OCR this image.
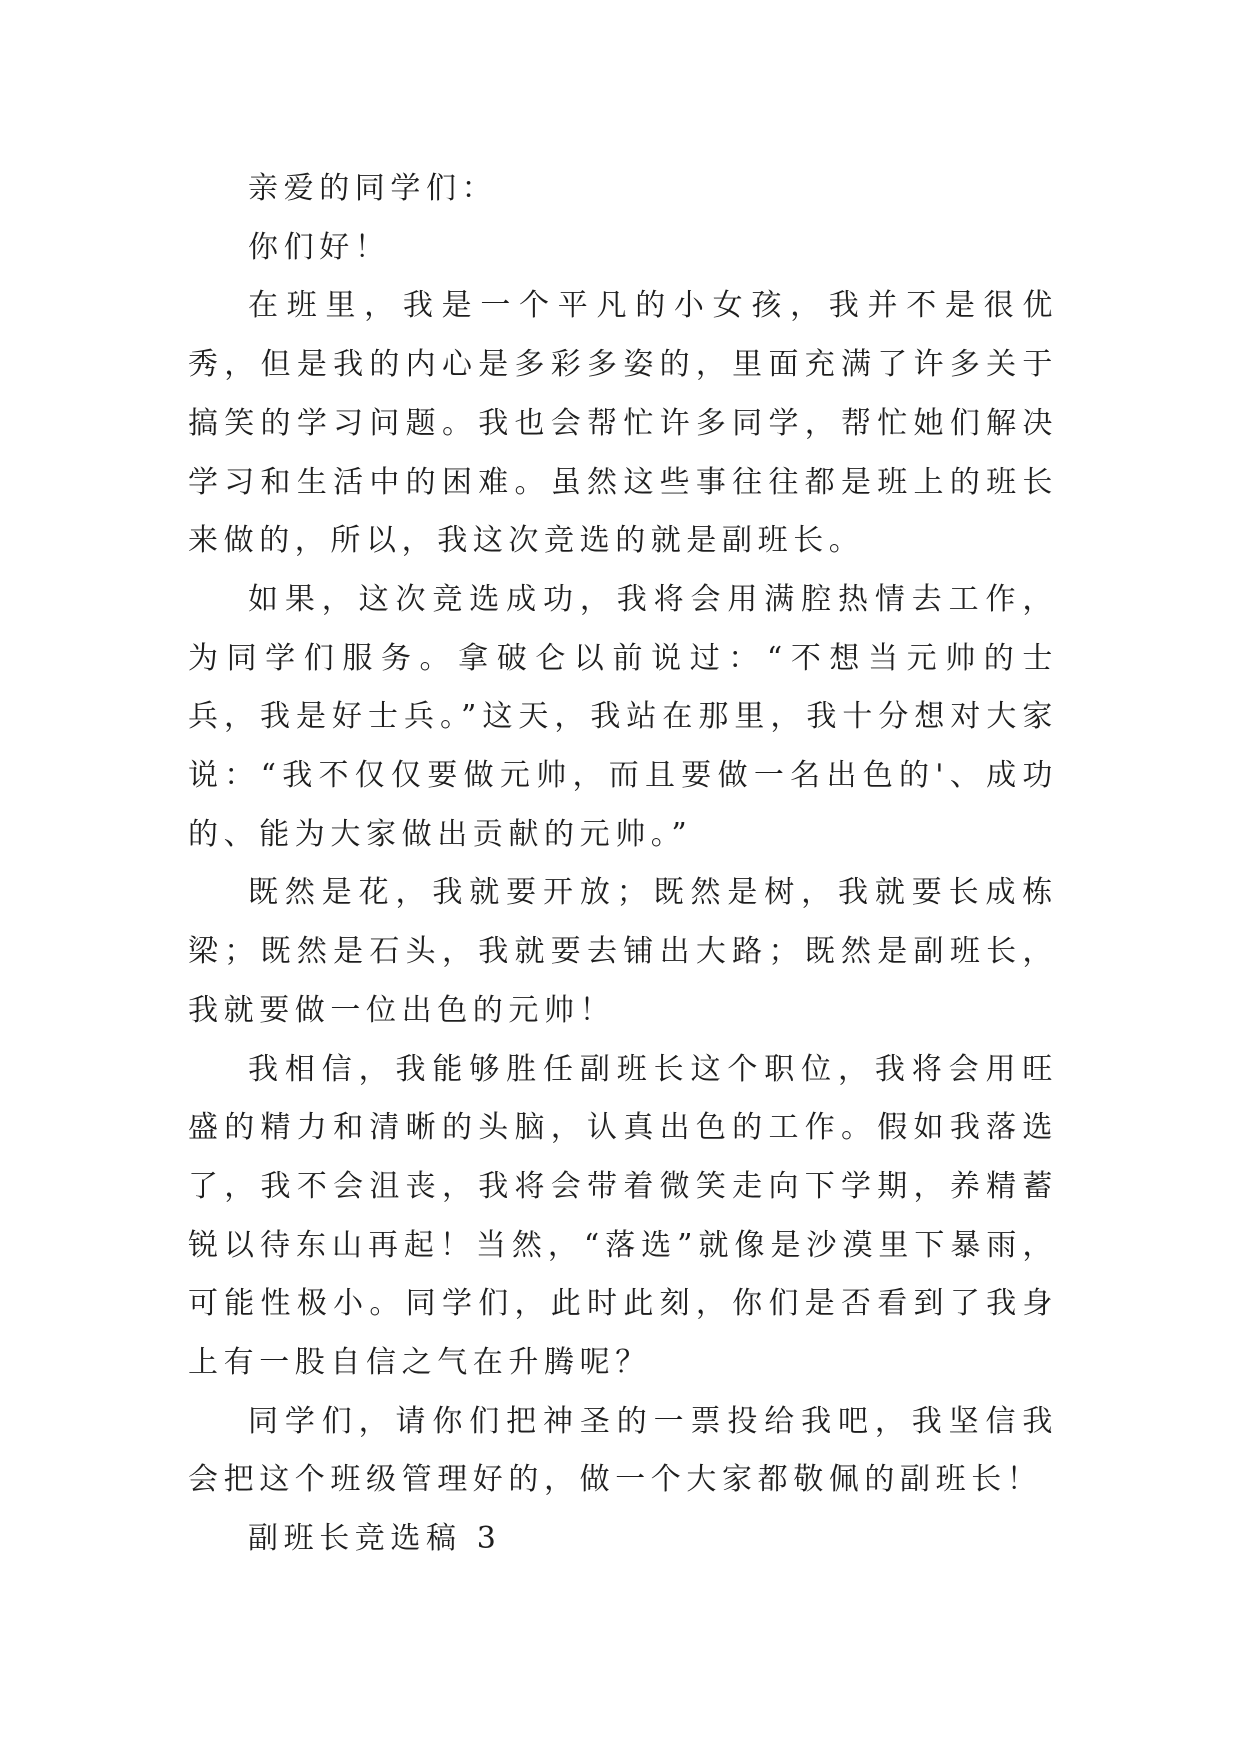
亲爱的同学们：

你们好！

在班里，我是一个平凡的小女孩，我并不是很优秀，但是我的内心是多彩多姿的，里面充满了许多关于搞笑的学习问题。我也会帮忙许多同学，帮忙她们解决学习和生活中的困难。虽然这些事往往都是班上的班长来做的，所以，我这次竞选的就是副班长。

如果，这次竞选成功，我将会用满腔热情去工作，为同学们服务。拿破仑以前说过：“不想当元帅的士兵，我是好士兵。”这天，我站在那里，我十分想对大家说：“我不仅仅要做元帅，而且要做一名出色的'、成功的、能为大家做出贡献的元帅。”

既然是花，我就要开放；既然是树，我就要长成栋梁；既然是石头，我就要去铺出大路；既然是副班长，我就要做一位出色的元帅！

我相信，我能够胜任副班长这个职位，我将会用旺盛的精力和清晰的头脑，认真出色的工作。假如我落选了，我不会沮丧，我将会带着微笑走向下学期，养精蓄锐以待东山再起！当然，“落选”就像是沙漠里下暴雨，可能性极小。同学们，此时此刻，你们是否看到了我身上有一股自信之气在升腾呢？

同学们，请你们把神圣的一票投给我吧，我坚信我会把这个班级管理好的，做一个大家都敬佩的副班长！

副班长竞选稿 3
